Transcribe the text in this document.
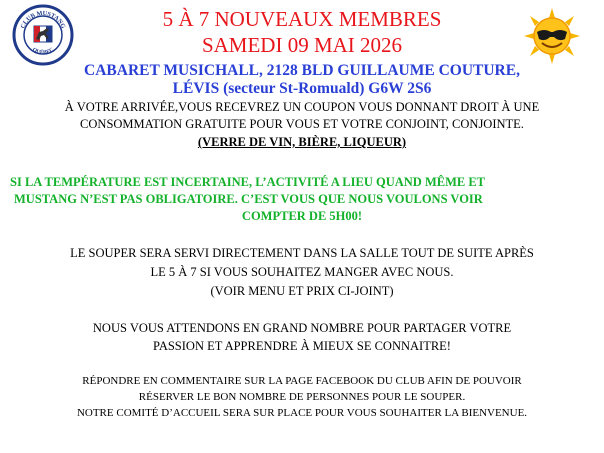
CLUB MUSTANG
QUÉBEC
5 À 7 NOUVEAUX MEMBRES
SAMEDI 09 MAI 2026
CABARET MUSICHALL, 2128 BLD GUILLAUME COUTURE,
LÉVIS (secteur St-Romuald) G6W 2S6
À VOTRE ARRIVÉE,VOUS RECEVREZ UN COUPON VOUS DONNANT DROIT À UNE
CONSOMMATION GRATUITE POUR VOUS ET VOTRE CONJOINT, CONJOINTE.
(VERRE DE VIN, BIÈRE, LIQUEUR)
SI LA TEMPÉRATURE EST INCERTAINE, L’ACTIVITÉ A LIEU QUAND MÊME ET
MUSTANG N’EST PAS OBLIGATOIRE. C’EST VOUS QUE NOUS VOULONS VOIR
COMPTER DE 5H00!
LE SOUPER SERA SERVI DIRECTEMENT DANS LA SALLE TOUT DE SUITE APRÈS
LE 5 À 7 SI VOUS SOUHAITEZ MANGER AVEC NOUS.
(VOIR MENU ET PRIX CI-JOINT)
NOUS VOUS ATTENDONS EN GRAND NOMBRE POUR PARTAGER VOTRE
PASSION ET APPRENDRE À MIEUX SE CONNAITRE!
RÉPONDRE EN COMMENTAIRE SUR LA PAGE FACEBOOK DU CLUB AFIN DE POUVOIR
RÉSERVER LE BON NOMBRE DE PERSONNES POUR LE SOUPER.
NOTRE COMITÉ D’ACCUEIL SERA SUR PLACE POUR VOUS SOUHAITER LA BIENVENUE.
